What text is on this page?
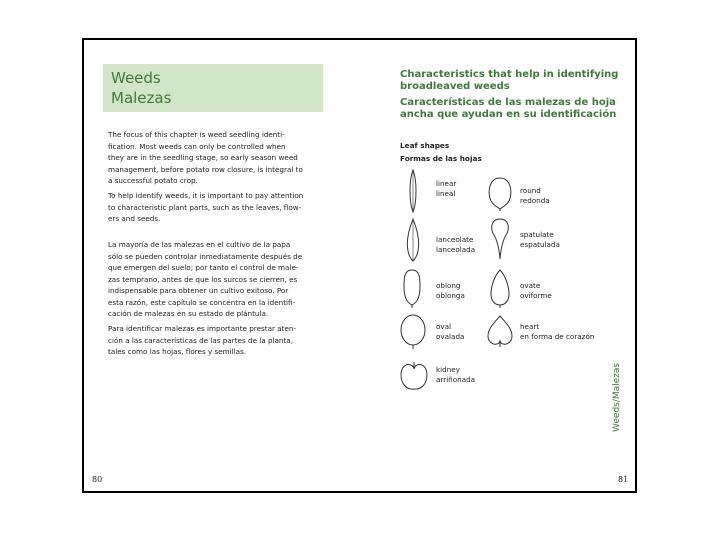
Weeds
Malezas

The focus of this chapter is weed seedling identi-
fication. Most weeds can only be controlled when
they are in the seedling stage, so early season weed
management, before potato row closure, is integral to
a successful potato crop.

To help identify weeds, it is important to pay attention
to characteristic plant parts, such as the leaves, flow-
ers and seeds.

La mayoría de las malezas en el cultivo de la papa
sólo se pueden controlar inmediatamente después de
que emergen del suelo; por tanto el control de male-
zas temprano, antes de que los surcos se cierren, es
indispensable para obtener un cultivo exitoso. Por
esta razón, este capítulo se concentra en la identifi-
cación de malezas en su estado de plántula.

Para identificar malezas es importante prestar aten-
ción a las características de las partes de la planta,
tales como las hojas, flores y semillas.

80

Characteristics that help in identifying
broadleaved weeds

Características de las malezas de hoja
ancha que ayudan en su identificación

Leaf shapes
Formas de las hojas
linear
lineal	round
redonda
lanceolate
lanceolada
spatulate
espatulada
oblong
oblonga
ovate
oviforme
oval
ovalada
heart
en forma de corazón
kidney
arriñonada	Weeds/Malezas
81
